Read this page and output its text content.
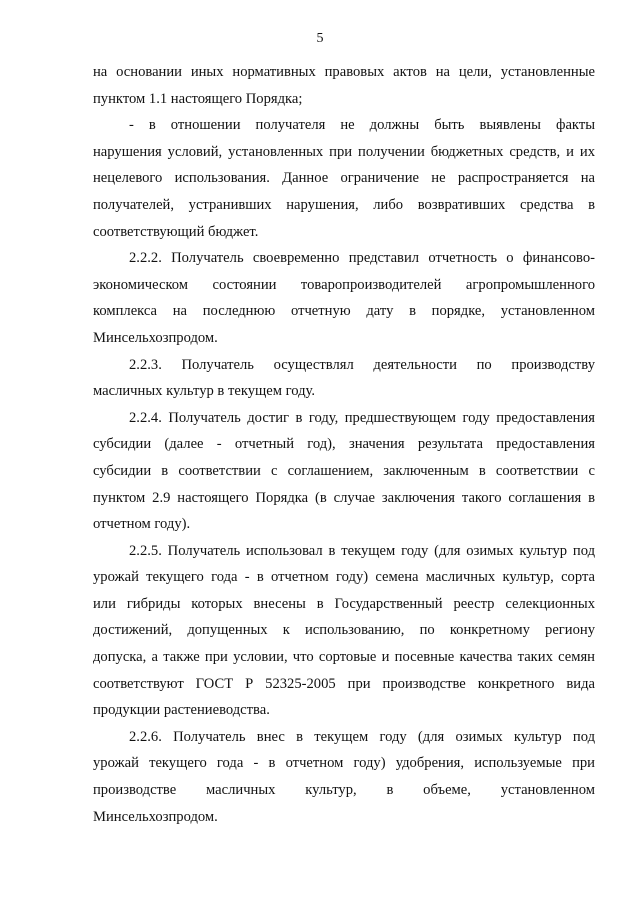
5
на основании иных нормативных правовых актов на цели, установленные
пунктом 1.1 настоящего Порядка;
- в отношении получателя не должны быть выявлены факты
нарушения условий, установленных при получении бюджетных средств, и их
нецелевого использования. Данное ограничение не распространяется на
получателей, устранивших нарушения, либо возвративших средства в
соответствующий бюджет.
2.2.2. Получатель своевременно представил отчетность о финансово-
экономическом состоянии товаропроизводителей агропромышленного
комплекса на последнюю отчетную дату в порядке, установленном
Минсельхозпродом.
2.2.3. Получатель осуществлял деятельности по производству
масличных культур в текущем году.
2.2.4. Получатель достиг в году, предшествующем году предоставления
субсидии (далее - отчетный год), значения результата предоставления
субсидии в соответствии с соглашением, заключенным в соответствии с
пунктом 2.9 настоящего Порядка (в случае заключения такого соглашения в
отчетном году).
2.2.5. Получатель использовал в текущем году (для озимых культур под
урожай текущего года - в отчетном году) семена масличных культур, сорта
или гибриды которых внесены в Государственный реестр селекционных
достижений, допущенных к использованию, по конкретному региону
допуска, а также при условии, что сортовые и посевные качества таких семян
соответствуют ГОСТ Р 52325-2005 при производстве конкретного вида
продукции растениеводства.
2.2.6. Получатель внес в текущем году (для озимых культур под
урожай текущего года - в отчетном году) удобрения, используемые при
производстве масличных культур, в объеме, установленном
Минсельхозпродом.
